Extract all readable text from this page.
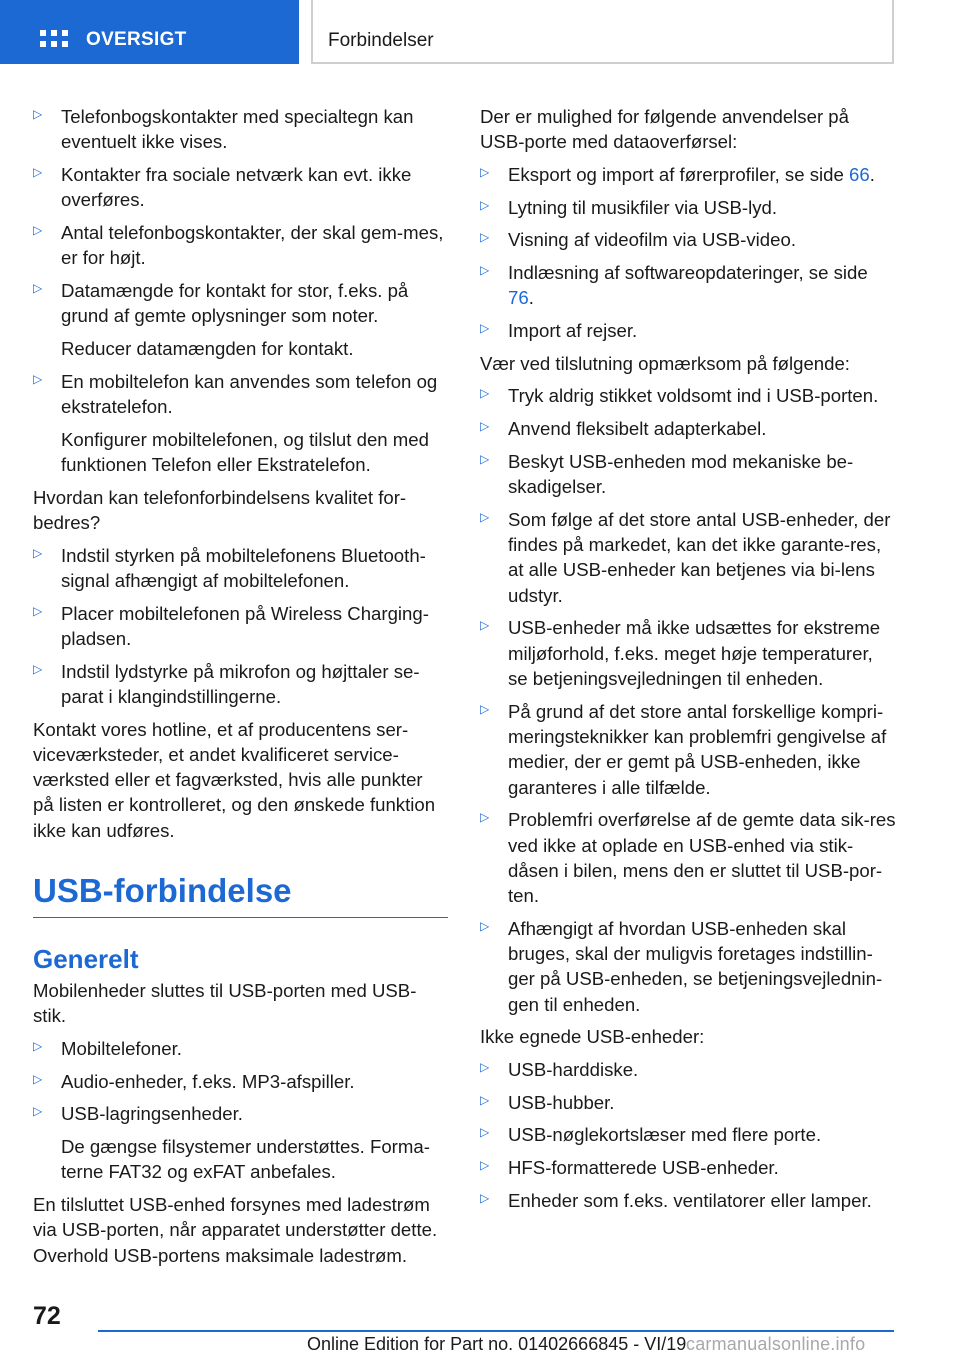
OVERSIGT	Forbindelser
▷ Telefonbogskontakter med specialtegn kan eventuelt ikke vises.
▷ Kontakter fra sociale netværk kan evt. ikke overføres.
▷ Antal telefonbogskontakter, der skal gem-mes, er for højt.
▷ Datamængde for kontakt for stor, f.eks. på grund af gemte oplysninger som noter.
Reducer datamængden for kontakt.
▷ En mobiltelefon kan anvendes som telefon og ekstratelefon.
Konfigurer mobiltelefonen, og tilslut den med funktionen Telefon eller Ekstratelefon.
Hvordan kan telefonforbindelsens kvalitet for-bedres?
▷ Indstil styrken på mobiltelefonens Bluetooth-signal afhængigt af mobiltelefonen.
▷ Placer mobiltelefonen på Wireless Charging-pladsen.
▷ Indstil lydstyrke på mikrofon og højttaler se-parat i klangindstillingerne.
Kontakt vores hotline, et af producentens ser-viceværksteder, et andet kvalificeret service-værksted eller et fagværksted, hvis alle punkter på listen er kontrolleret, og den ønskede funktion ikke kan udføres.
USB-forbindelse
Generelt
Mobilenheder sluttes til USB-porten med USB-stik.
▷ Mobiltelefoner.
▷ Audio-enheder, f.eks. MP3-afspiller.
▷ USB-lagringsenheder.
De gængse filsystemer understøttes. Forma-terne FAT32 og exFAT anbefales.
En tilsluttet USB-enhed forsynes med ladestrøm via USB-porten, når apparatet understøtter dette. Overhold USB-portens maksimale ladestrøm.
Der er mulighed for følgende anvendelser på USB-porte med dataoverførsel:
▷ Eksport og import af førerprofiler, se side 66.
▷ Lytning til musikfiler via USB-lyd.
▷ Visning af videofilm via USB-video.
▷ Indlæsning af softwareopdateringer, se side 76.
▷ Import af rejser.
Vær ved tilslutning opmærksom på følgende:
▷ Tryk aldrig stikket voldsomt ind i USB-porten.
▷ Anvend fleksibelt adapterkabel.
▷ Beskyt USB-enheden mod mekaniske be-skadigelser.
▷ Som følge af det store antal USB-enheder, der findes på markedet, kan det ikke garante-res, at alle USB-enheder kan betjenes via bi-lens udstyr.
▷ USB-enheder må ikke udsættes for ekstreme miljøforhold, f.eks. meget høje temperaturer, se betjeningsvejledningen til enheden.
▷ På grund af det store antal forskellige kompri-meringsteknikker kan problemfri gengivelse af medier, der er gemt på USB-enheden, ikke garanteres i alle tilfælde.
▷ Problemfri overførelse af de gemte data sik-res ved ikke at oplade en USB-enhed via stik-dåsen i bilen, mens den er sluttet til USB-por-ten.
▷ Afhængigt af hvordan USB-enheden skal bruges, skal der muligvis foretages indstillin-ger på USB-enheden, se betjeningsvejlednin-gen til enheden.
Ikke egnede USB-enheder:
▷ USB-harddiske.
▷ USB-hubber.
▷ USB-nøglekortslæser med flere porte.
▷ HFS-formatterede USB-enheder.
▷ Enheder som f.eks. ventilatorer eller lamper.
72
Online Edition for Part no. 01402666845 - VI/19 carmanualsonline.info
